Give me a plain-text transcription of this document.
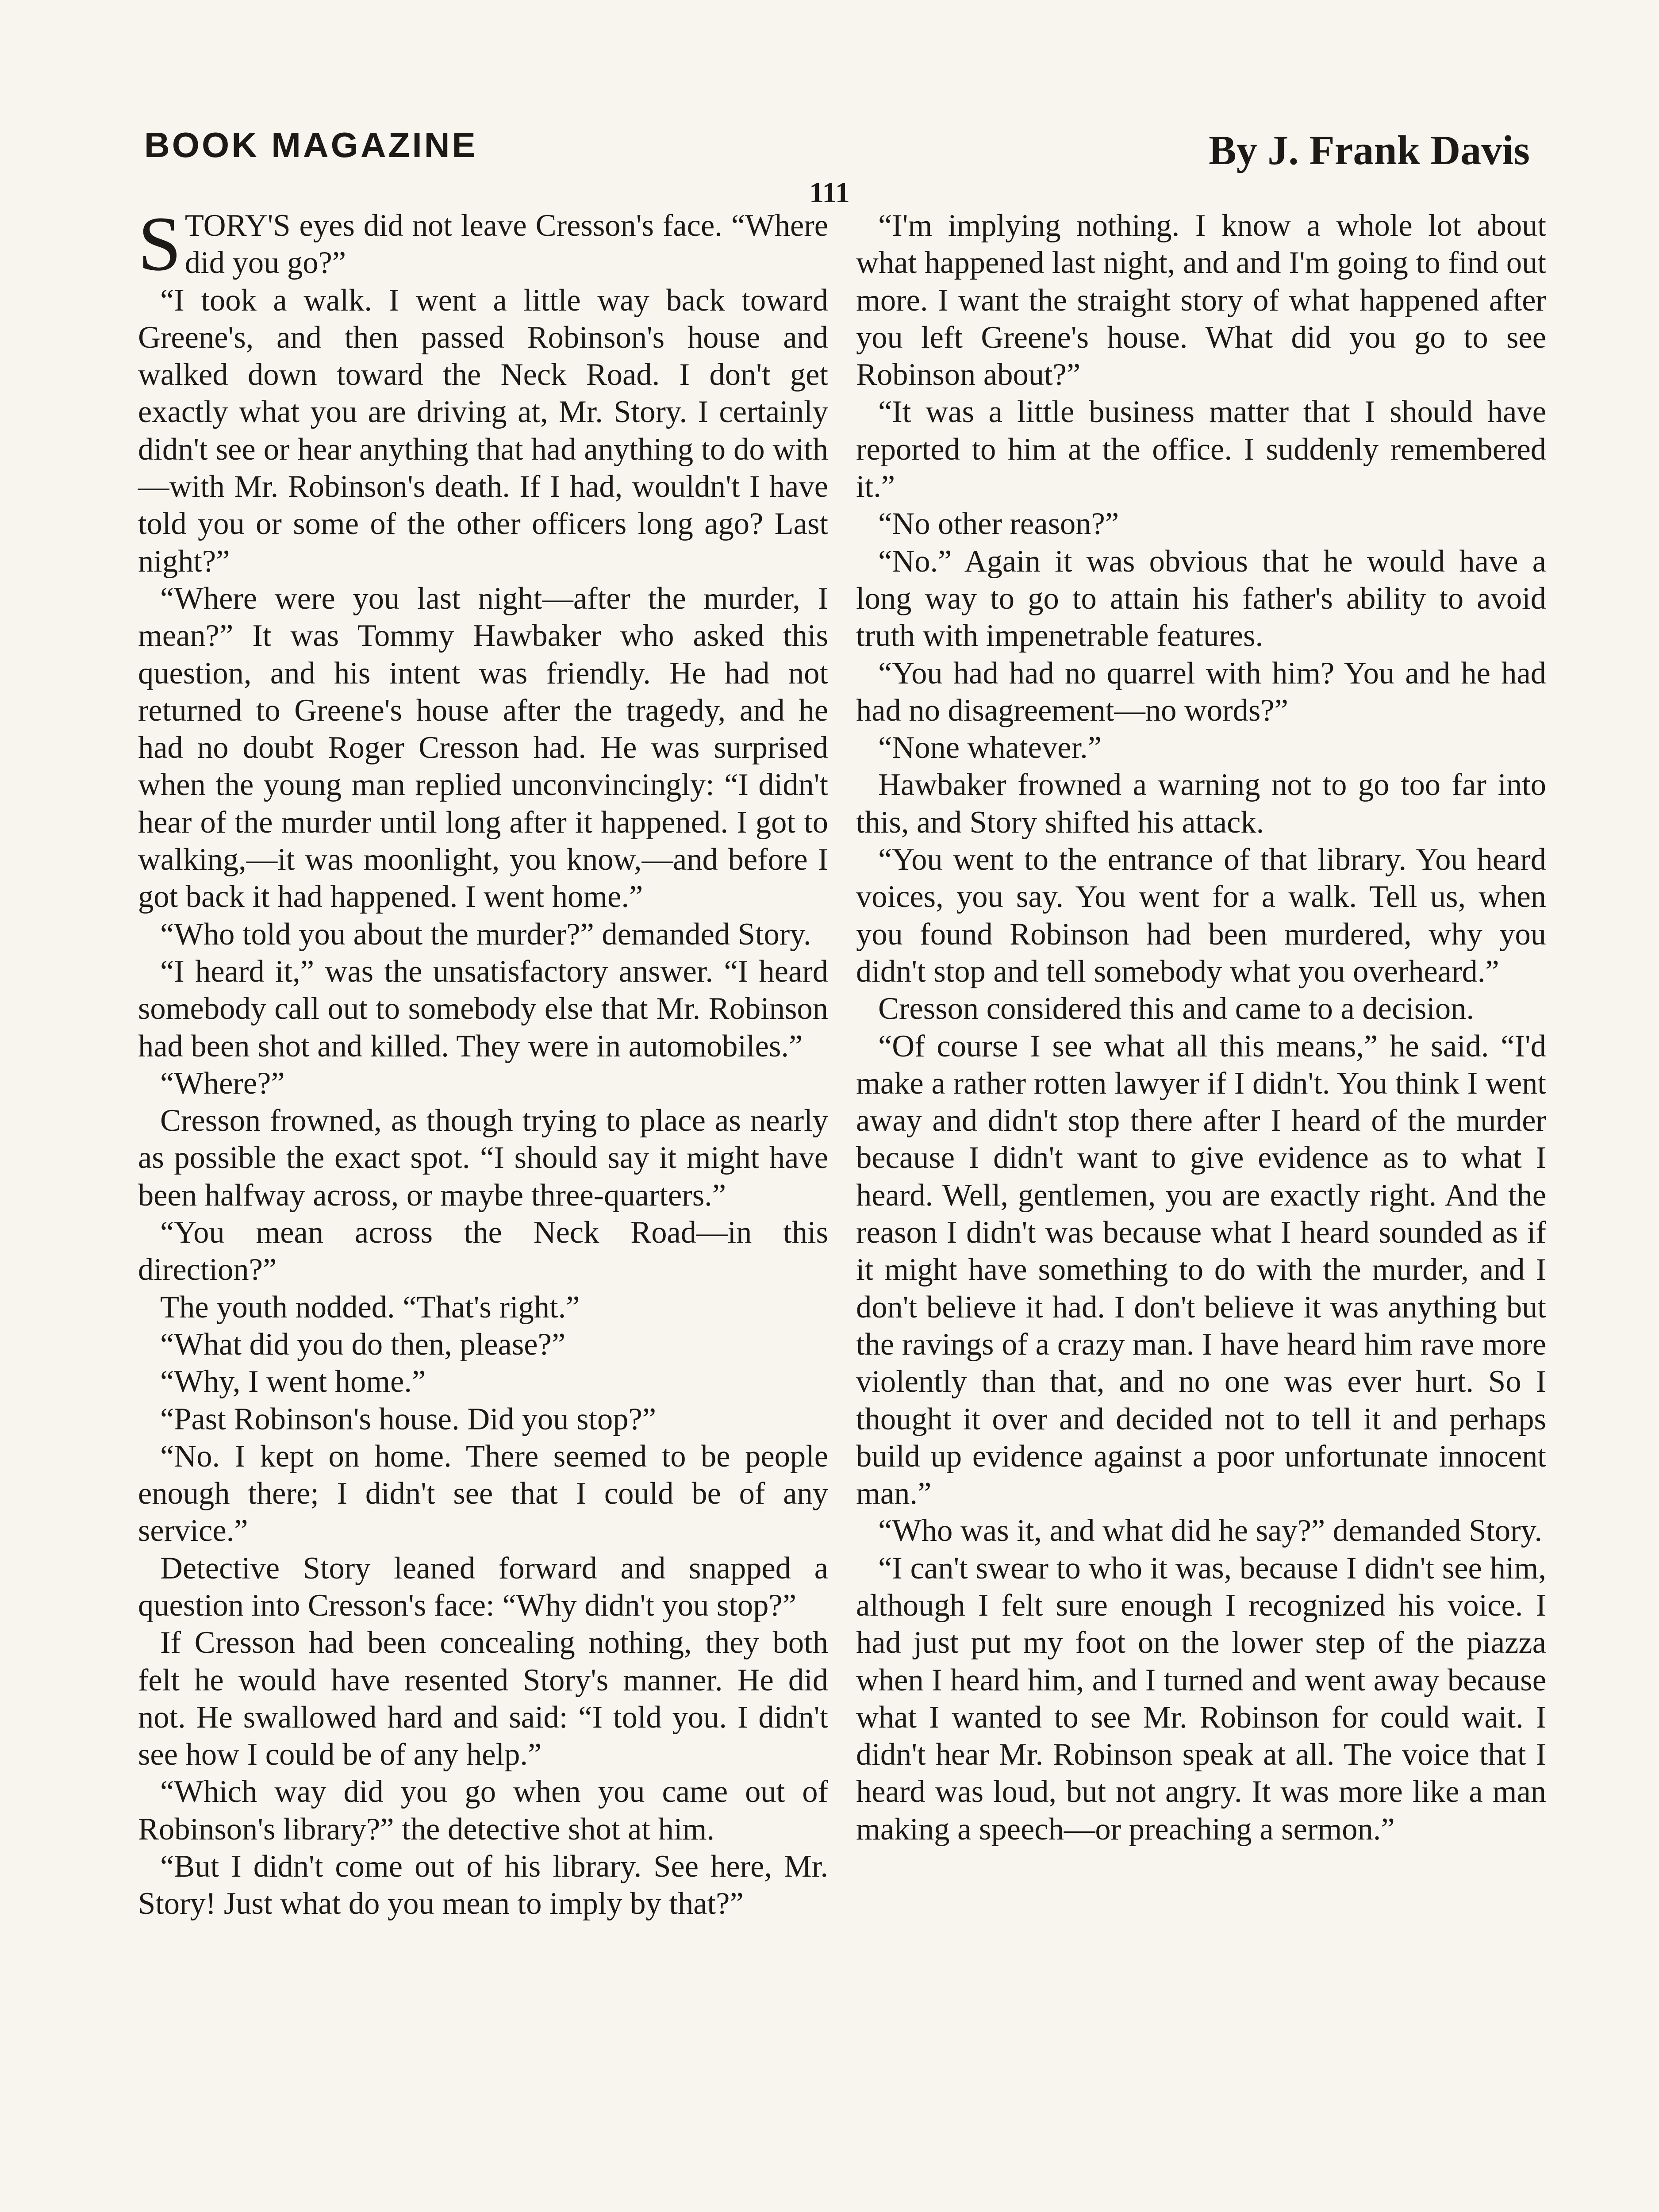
BOOK MAGAZINE	By J. Frank Davis
111

STORY'S eyes did not leave Cresson's face. “Where did you go?”

“I took a walk. I went a little way back toward Greene's, and then passed Robinson's house and walked down toward the Neck Road. I don't get exactly what you are driving at, Mr. Story. I certainly didn't see or hear anything that had anything to do with—with Mr. Robinson's death. If I had, wouldn't I have told you or some of the other officers long ago? Last night?”

“Where were you last night—after the murder, I mean?” It was Tommy Hawbaker who asked this question, and his intent was friendly. He had not returned to Greene's house after the tragedy, and he had no doubt Roger Cresson had. He was surprised when the young man replied unconvincingly: “I didn't hear of the murder until long after it happened. I got to walking,—it was moonlight, you know,—and before I got back it had happened. I went home.”

“Who told you about the murder?” demanded Story.

“I heard it,” was the unsatisfactory answer. “I heard somebody call out to somebody else that Mr. Robinson had been shot and killed. They were in automobiles.”

“Where?”

Cresson frowned, as though trying to place as nearly as possible the exact spot. “I should say it might have been halfway across, or maybe three-quarters.”

“You mean across the Neck Road—in this direction?”

The youth nodded. “That's right.”

“What did you do then, please?”

“Why, I went home.”

“Past Robinson's house. Did you stop?”

“No. I kept on home. There seemed to be people enough there; I didn't see that I could be of any service.”

Detective Story leaned forward and snapped a question into Cresson's face: “Why didn't you stop?”

If Cresson had been concealing nothing, they both felt he would have resented Story's manner. He did not. He swallowed hard and said: “I told you. I didn't see how I could be of any help.”

“Which way did you go when you came out of Robinson's library?” the detective shot at him.

“But I didn't come out of his library. See here, Mr. Story! Just what do you mean to imply by that?”

“I'm implying nothing. I know a whole lot about what happened last night, and and I'm going to find out more. I want the straight story of what happened after you left Greene's house. What did you go to see Robinson about?”

“It was a little business matter that I should have reported to him at the office. I suddenly remembered it.”

“No other reason?”

“No.” Again it was obvious that he would have a long way to go to attain his father's ability to avoid truth with impenetrable features.

“You had had no quarrel with him? You and he had had no disagreement—no words?”

“None whatever.”

Hawbaker frowned a warning not to go too far into this, and Story shifted his attack.

“You went to the entrance of that library. You heard voices, you say. You went for a walk. Tell us, when you found Robinson had been murdered, why you didn't stop and tell somebody what you overheard.”

Cresson considered this and came to a decision.

“Of course I see what all this means,” he said. “I'd make a rather rotten lawyer if I didn't. You think I went away and didn't stop there after I heard of the murder because I didn't want to give evidence as to what I heard. Well, gentlemen, you are exactly right. And the reason I didn't was because what I heard sounded as if it might have something to do with the murder, and I don't believe it had. I don't believe it was anything but the ravings of a crazy man. I have heard him rave more violently than that, and no one was ever hurt. So I thought it over and decided not to tell it and perhaps build up evidence against a poor unfortunate innocent man.”

“Who was it, and what did he say?” demanded Story.

“I can't swear to who it was, because I didn't see him, although I felt sure enough I recognized his voice. I had just put my foot on the lower step of the piazza when I heard him, and I turned and went away because what I wanted to see Mr. Robinson for could wait. I didn't hear Mr. Robinson speak at all. The voice that I heard was loud, but not angry. It was more like a man making a speech—or preaching a sermon.”
